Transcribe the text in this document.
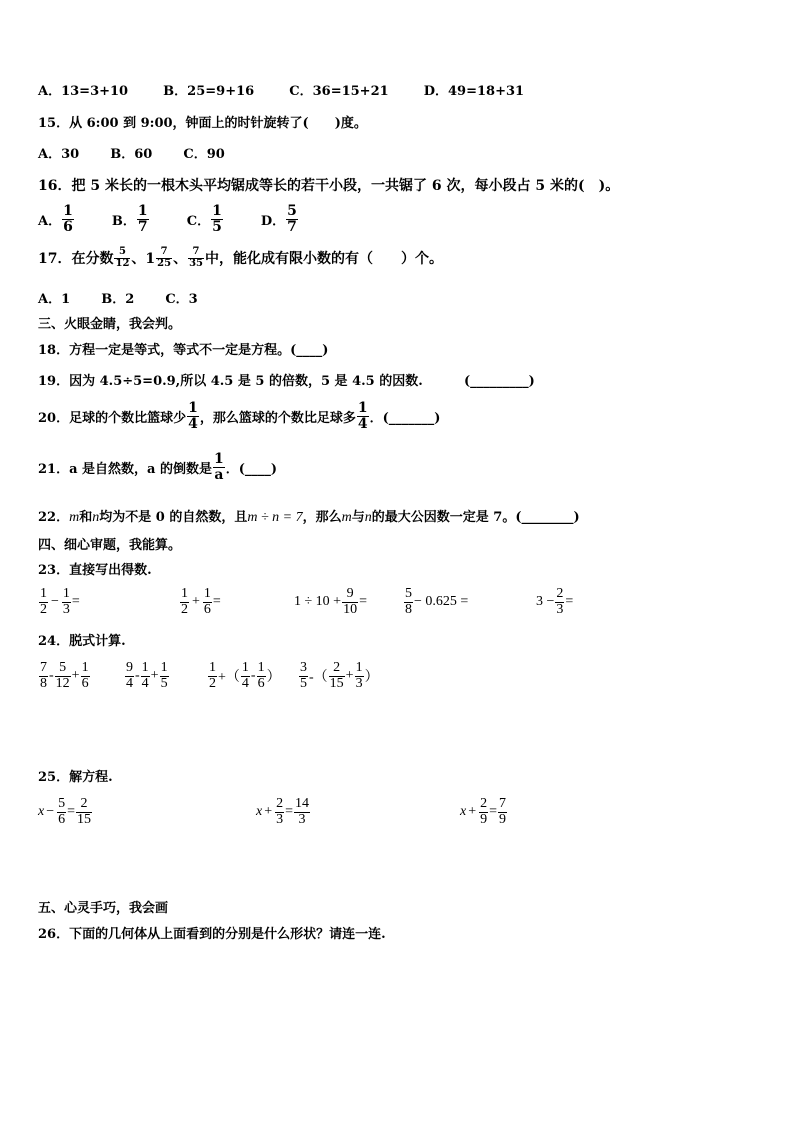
A．13=3+10	B．25=9+16	C．36=15+21	D．49=18+31
15．从 6:00 到 9:00，钟面上的时针旋转了(　　)度。
A．30 B．60 C．90
16．把 5 米长的一根木头平均锯成等长的若干小段，一共锯了 6 次，每小段占 5 米的(　)。
A． $\frac{1}{6}$
	B． $\frac{1}{7}$
	C． $\frac{1}{5}$
	D． $\frac{5}{7}$
17．在分数 $\frac{5}{12}$ 、$1 \frac{7}{25}$ 、 $\frac{7}{35}$ 中，能化成有限小数的有（　　）个。
A．1 B．2 C．3
三、火眼金睛，我会判。
18．方程一定是等式，等式不一定是方程。(____)
19．因为 4.5÷5=0.9,所以 4.5 是 5 的倍数，5 是 4.5 的因数.	(_________)
20．足球的个数比篮球少 $\frac{1}{4}$ ，那么篮球的个数比足球多 $\frac{1}{4}$ ．(_______)
21．a 是自然数，a 的倒数是 $\frac{1}{a}$ ．(____)
22．m和n均为不是 0 的自然数，且m ÷ n = 7，那么m与n的最大公因数一定是 7。(________)
四、细心审题，我能算。
23．直接写出得数.
$\frac{1}{2} - \frac{1}{3}$ =	$\frac{1}{2} + \frac{1}{6}$ =	$1 \div 10 + \frac{9}{10}$ =	$\frac{5}{8} - 0.625$ =	$3 - \frac{2}{3}$ =
24．脱式计算.
$\frac{7}{8} - \frac{5}{12} + \frac{1}{6}$	$\frac{9}{4} - \frac{1}{4} + \frac{1}{5}$	$\frac{1}{2}$ +（ $\frac{1}{4} - \frac{1}{6}$ ） $\frac{3}{5}$ -（ $\frac{2}{15} + \frac{1}{3}$ ）
25．解方程.
$x - \frac{5}{6} = \frac{2}{15}$	$x + \frac{2}{3} = \frac{14}{3}$	$x + \frac{2}{9} = \frac{7}{9}$
五、心灵手巧，我会画
26．下面的几何体从上面看到的分别是什么形状？请连一连.
